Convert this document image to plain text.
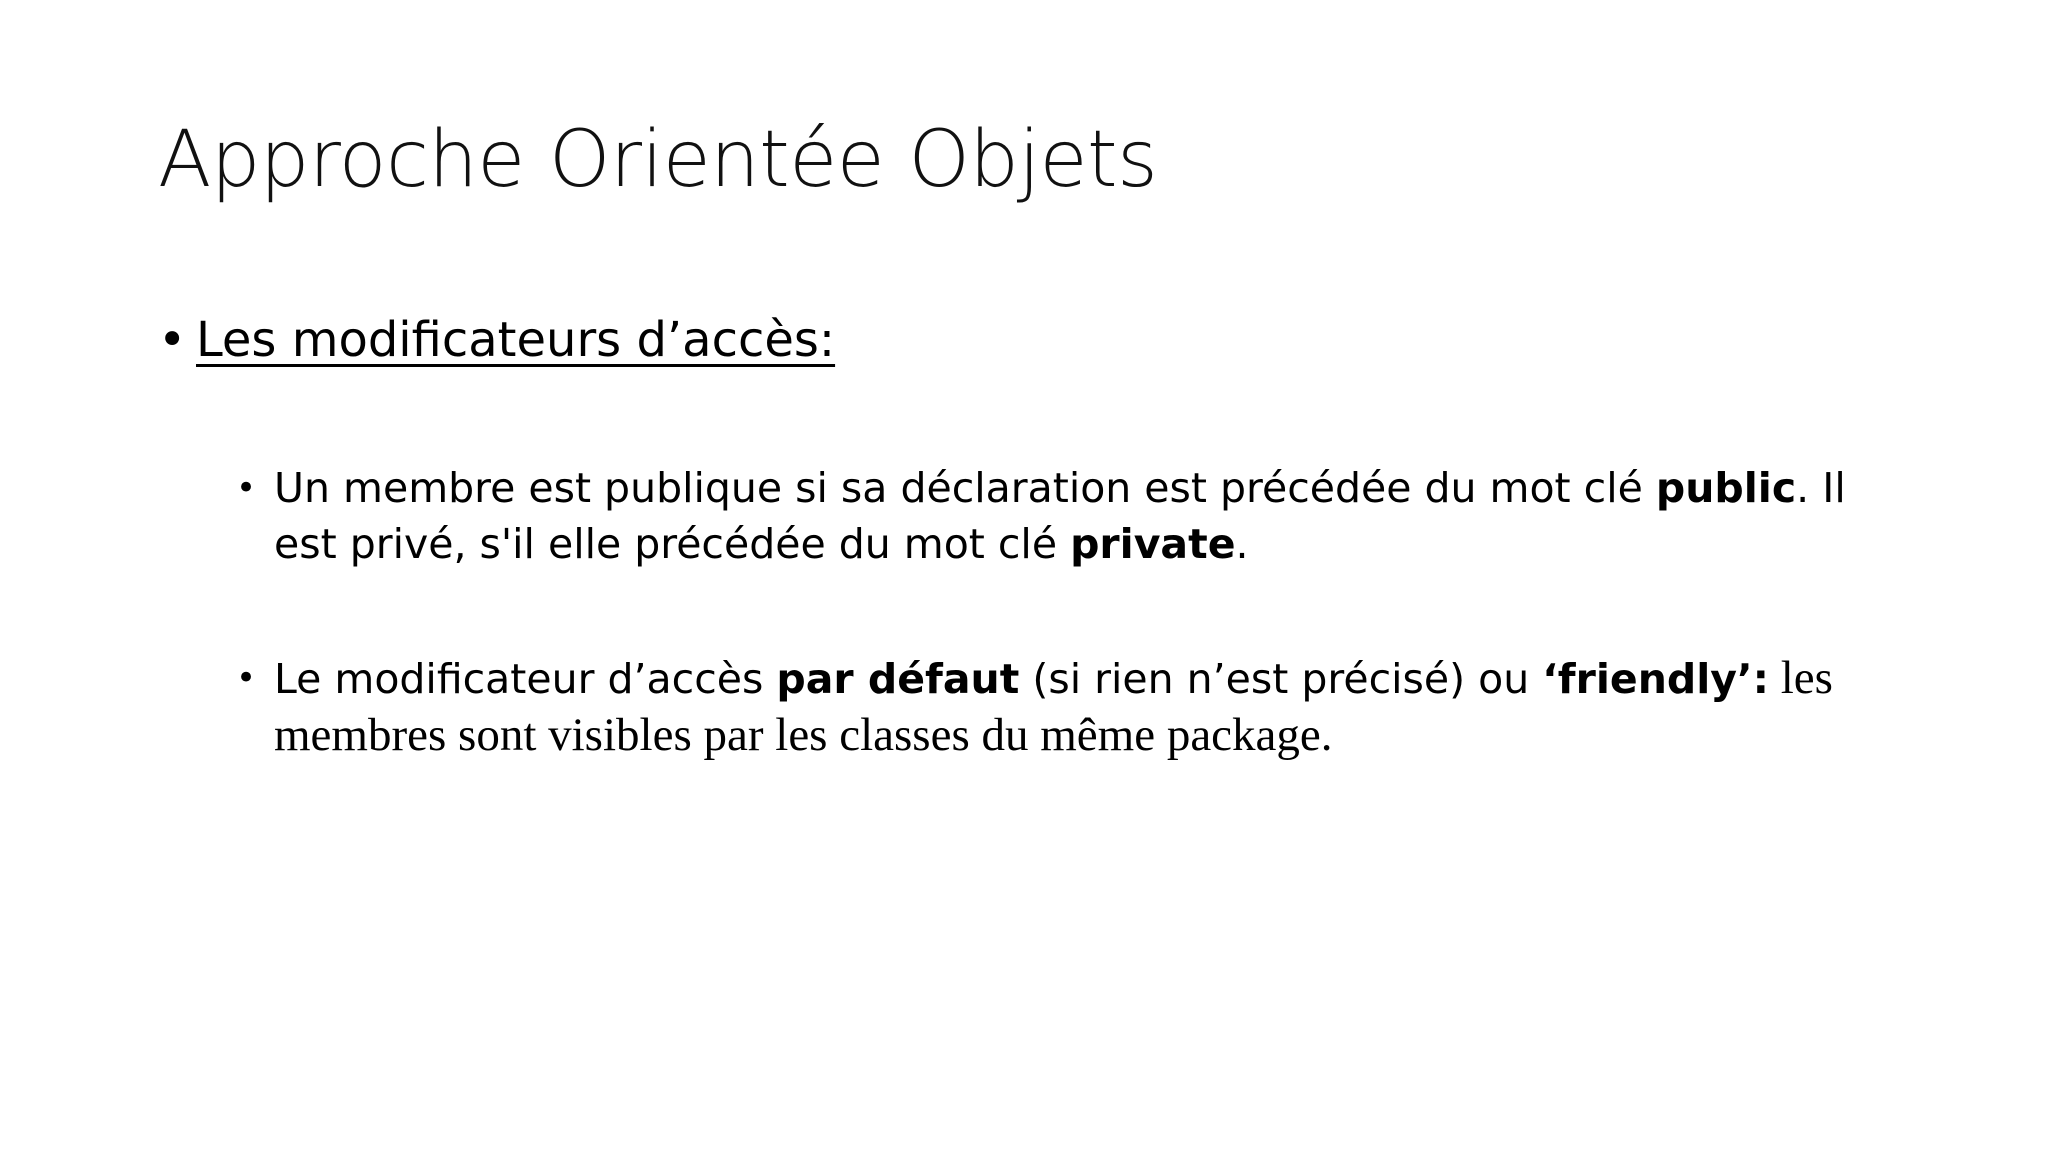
Approche Orientée Objets
• Les modificateurs d’accès:
• Un membre est publique si sa déclaration est précédée du mot clé public. Il est privé, s'il elle précédée du mot clé private.
• Le modificateur d’accès par défaut (si rien n’est précisé) ou ‘friendly’: les membres sont visibles par les classes du même package.
